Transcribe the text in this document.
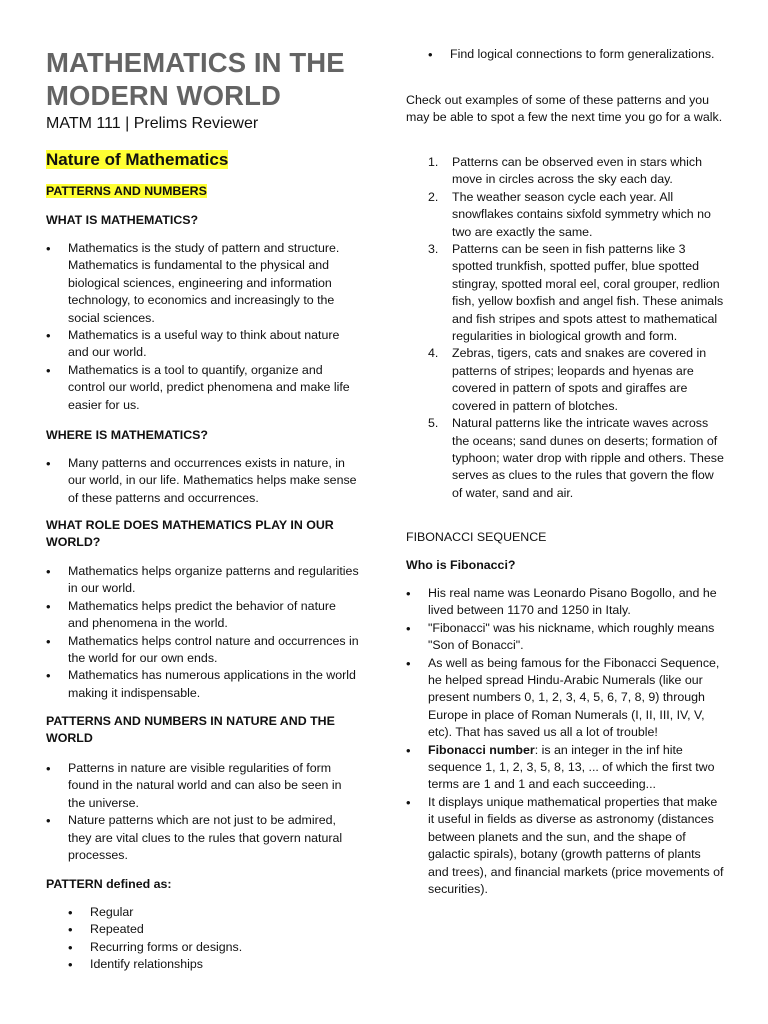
MATHEMATICS IN THE
MODERN WORLD
MATM 111 | Prelims Reviewer
Nature of Mathematics
PATTERNS AND NUMBERS
WHAT IS MATHEMATICS?
• Mathematics is the study of pattern and structure. Mathematics is fundamental to the physical and biological sciences, engineering and information technology, to economics and increasingly to the social sciences.
• Mathematics is a useful way to think about nature and our world.
• Mathematics is a tool to quantify, organize and control our world, predict phenomena and make life easier for us.
WHERE IS MATHEMATICS?
• Many patterns and occurrences exists in nature, in our world, in our life. Mathematics helps make sense of these patterns and occurrences.
WHAT ROLE DOES MATHEMATICS PLAY IN OUR WORLD?
• Mathematics helps organize patterns and regularities in our world.
• Mathematics helps predict the behavior of nature and phenomena in the world.
• Mathematics helps control nature and occurrences in the world for our own ends.
• Mathematics has numerous applications in the world making it indispensable.
PATTERNS AND NUMBERS IN NATURE AND THE WORLD
• Patterns in nature are visible regularities of form found in the natural world and can also be seen in the universe.
• Nature patterns which are not just to be admired, they are vital clues to the rules that govern natural processes.
PATTERN defined as:
• Regular
• Repeated
• Recurring forms or designs.
• Identify relationships
• Find logical connections to form generalizations.
Check out examples of some of these patterns and you may be able to spot a few the next time you go for a walk.
1. Patterns can be observed even in stars which move in circles across the sky each day.
2. The weather season cycle each year. All snowflakes contains sixfold symmetry which no two are exactly the same.
3. Patterns can be seen in fish patterns like 3 spotted trunkfish, spotted puffer, blue spotted stingray, spotted moral eel, coral grouper, redlion fish, yellow boxfish and angel fish. These animals and fish stripes and spots attest to mathematical regularities in biological growth and form.
4. Zebras, tigers, cats and snakes are covered in patterns of stripes; leopards and hyenas are covered in pattern of spots and giraffes are covered in pattern of blotches.
5. Natural patterns like the intricate waves across the oceans; sand dunes on deserts; formation of typhoon; water drop with ripple and others. These serves as clues to the rules that govern the flow of water, sand and air.
FIBONACCI SEQUENCE
Who is Fibonacci?
• His real name was Leonardo Pisano Bogollo, and he lived between 1170 and 1250 in Italy.
• "Fibonacci" was his nickname, which roughly means "Son of Bonacci".
• As well as being famous for the Fibonacci Sequence, he helped spread Hindu-Arabic Numerals (like our present numbers 0, 1, 2, 3, 4, 5, 6, 7, 8, 9) through Europe in place of Roman Numerals (I, II, III, IV, V, etc). That has saved us all a lot of trouble!
• Fibonacci number: is an integer in the inf hite sequence 1, 1, 2, 3, 5, 8, 13, ... of which the first two terms are 1 and 1 and each succeeding...
• It displays unique mathematical properties that make it useful in fields as diverse as astronomy (distances between planets and the sun, and the shape of galactic spirals), botany (growth patterns of plants and trees), and financial markets (price movements of securities).
